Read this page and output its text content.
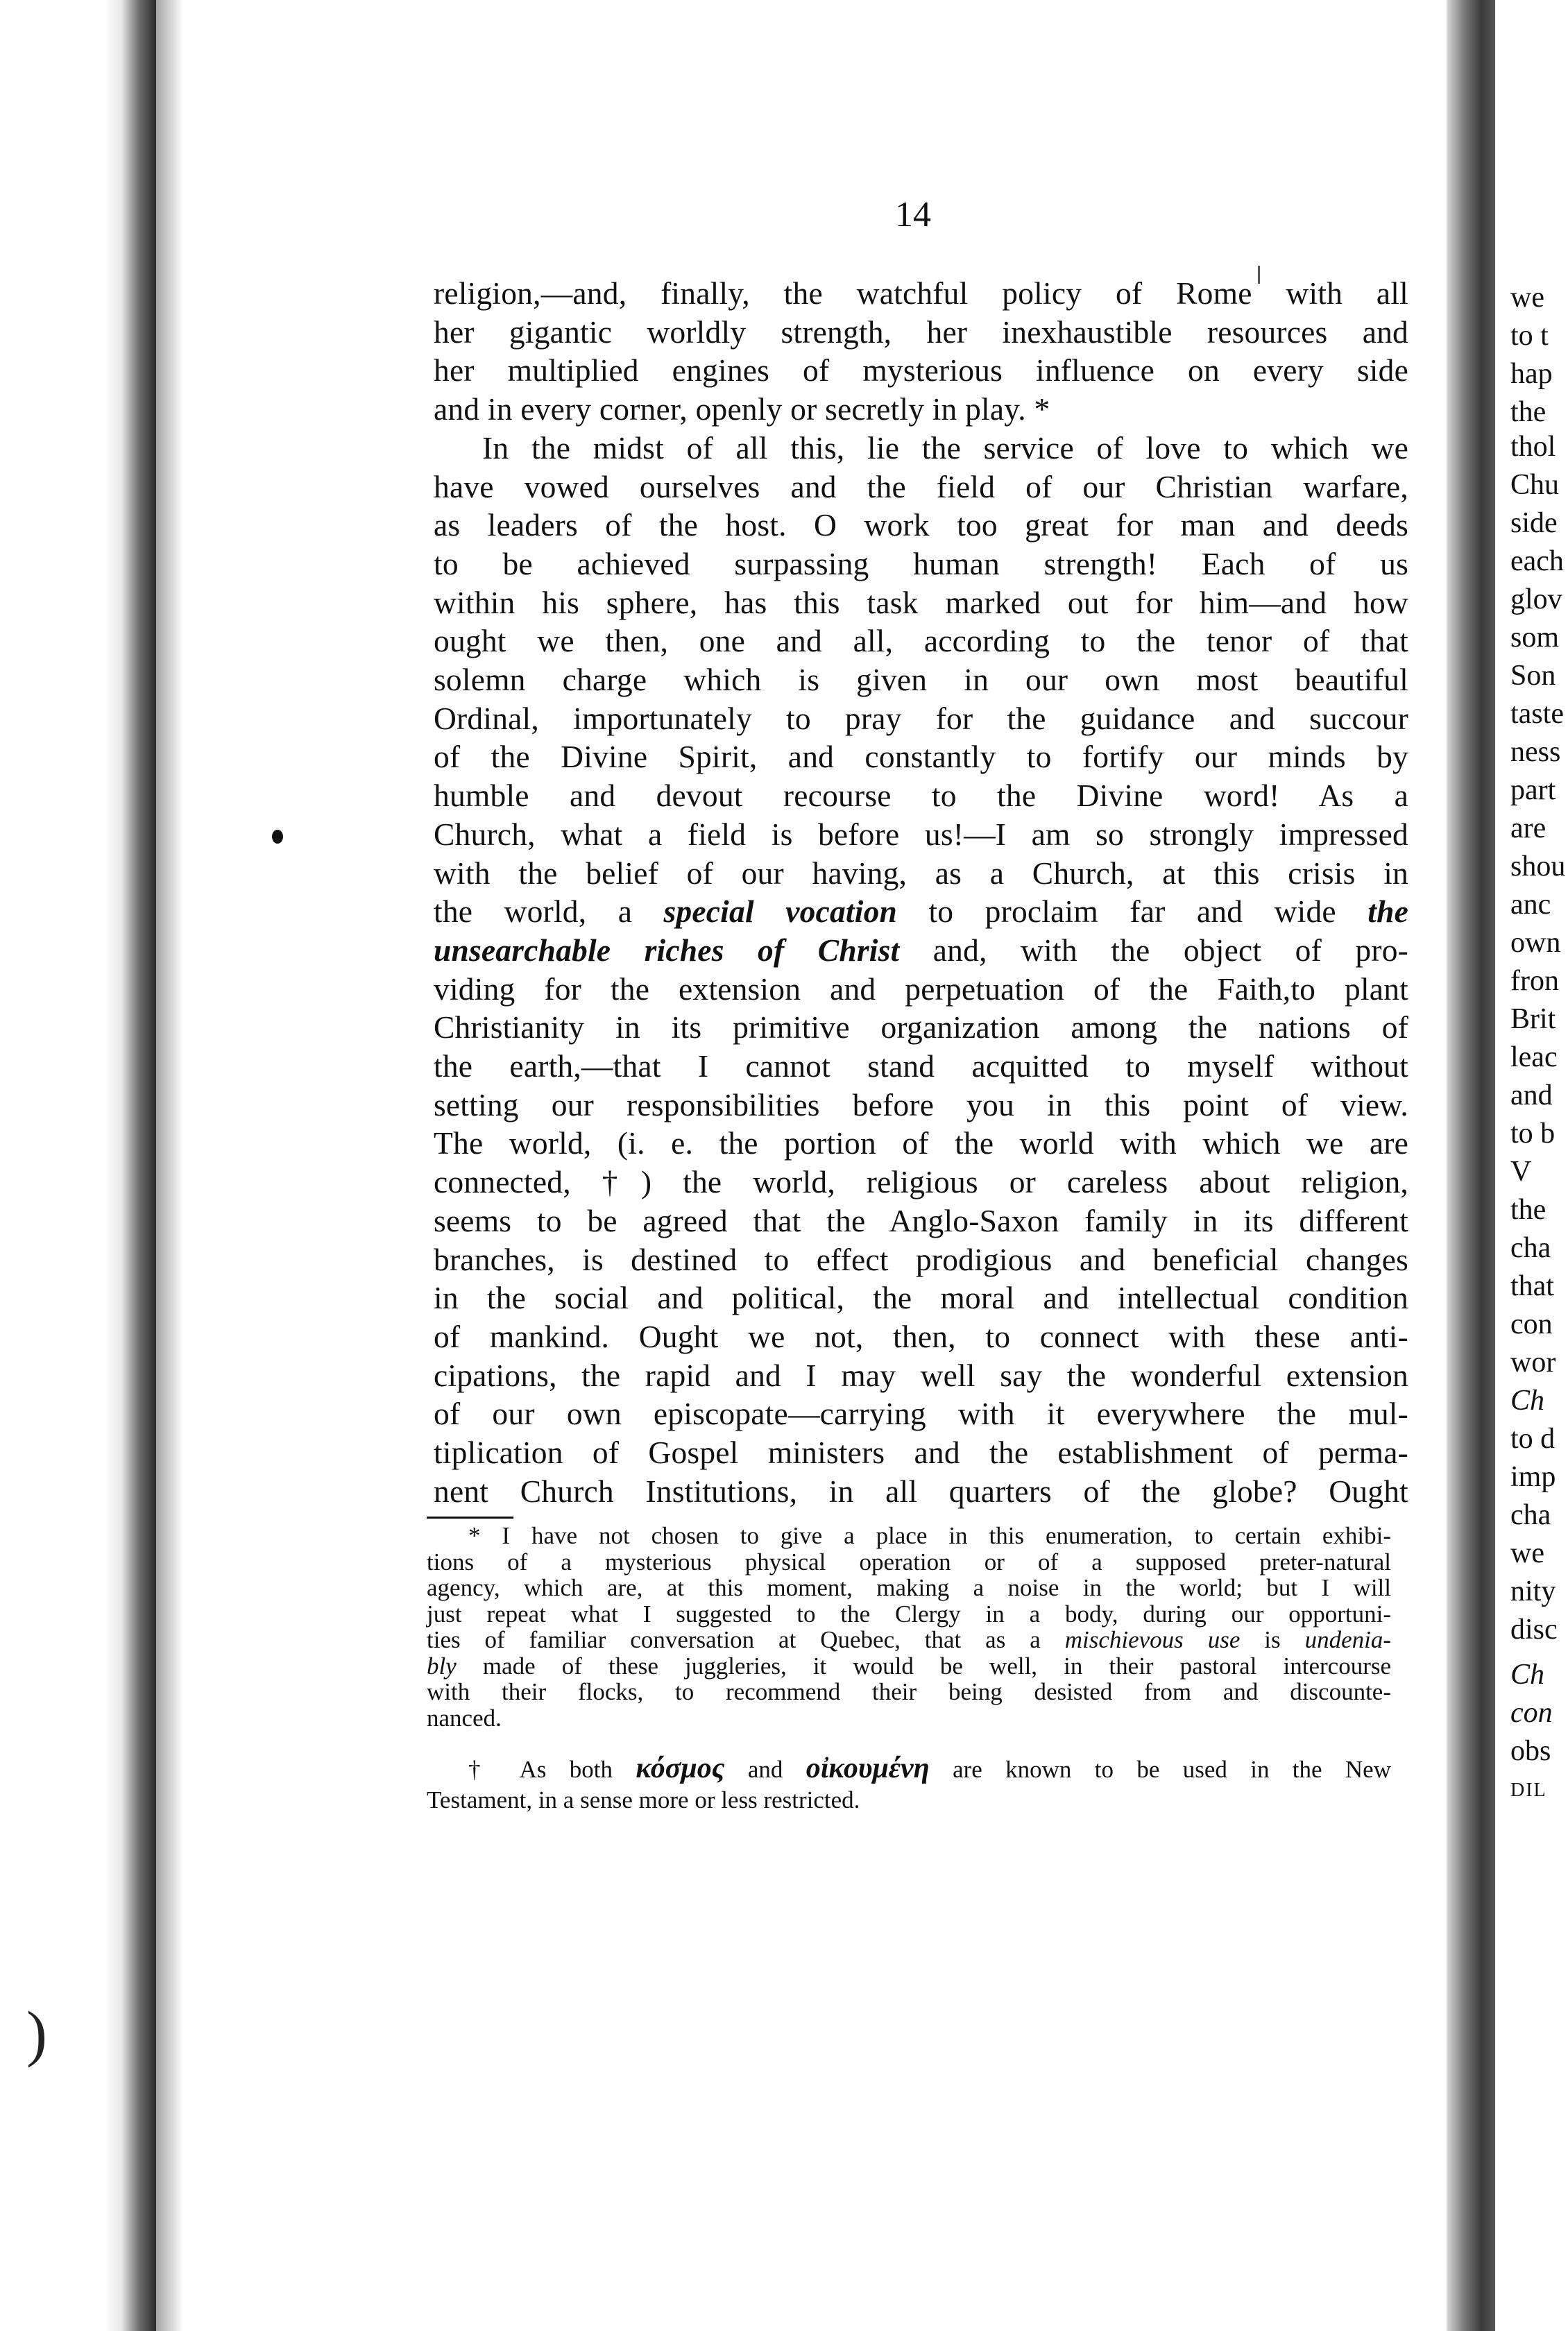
we
to t
hap
the
thol
Chu
side
each
glov
som
Son
taste
ness
part
are
shou
anc
own
fron
Brit
leac
and
to b
V
the
cha
that
con
wor
Ch
to d
imp
cha
we
nity
disc
Ch
con
obs
DIL
)
14
religion,—and, finally, the watchful policy of Rome with all
her gigantic worldly strength, her inexhaustible resources and
her multiplied engines of mysterious influence on every side
and in every corner, openly or secretly in play. *
In the midst of all this, lie the service of love to which we
have vowed ourselves and the field of our Christian warfare,
as leaders of the host. O work too great for man and deeds
to be achieved surpassing human strength! Each of us
within his sphere, has this task marked out for him—and how
ought we then, one and all, according to the tenor of that
solemn charge which is given in our own most beautiful
Ordinal, importunately to pray for the guidance and succour
of the Divine Spirit, and constantly to fortify our minds by
humble and devout recourse to the Divine word! As a
Church, what a field is before us!—I am so strongly impressed
with the belief of our having, as a Church, at this crisis in
the world, a special vocation to proclaim far and wide the
unsearchable riches of Christ and, with the object of pro-
viding for the extension and perpetuation of the Faith,to plant
Christianity in its primitive organization among the nations of
the earth,—that I cannot stand acquitted to myself without
setting our responsibilities before you in this point of view.
The world, (i. e. the portion of the world with which we are
connected, †) the world, religious or careless about religion,
seems to be agreed that the Anglo-Saxon family in its different
branches, is destined to effect prodigious and beneficial changes
in the social and political, the moral and intellectual condition
of mankind. Ought we not, then, to connect with these anti-
cipations, the rapid and I may well say the wonderful extension
of our own episcopate—carrying with it everywhere the mul-
tiplication of Gospel ministers and the establishment of perma-
nent Church Institutions, in all quarters of the globe? Ought
* I have not chosen to give a place in this enumeration, to certain exhibi-
tions of a mysterious physical operation or of a supposed preter-natural
agency, which are, at this moment, making a noise in the world; but I will
just repeat what I suggested to the Clergy in a body, during our opportuni-
ties of familiar conversation at Quebec, that as a mischievous use is undenia-
bly made of these juggleries, it would be well, in their pastoral intercourse
with their flocks, to recommend their being desisted from and discounte-
nanced.
† As both κόσμος and οἰκουμένη are known to be used in the New
Testament, in a sense more or less restricted.
